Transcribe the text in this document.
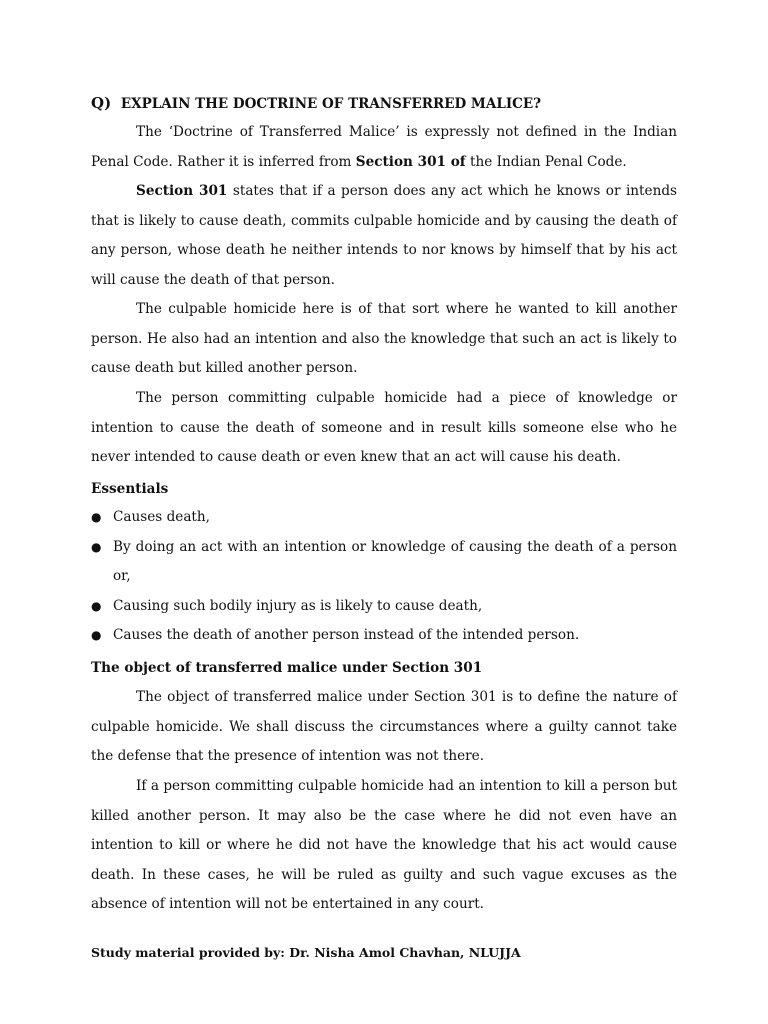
Q) EXPLAIN THE DOCTRINE OF TRANSFERRED MALICE?

The ‘Doctrine of Transferred Malice’ is expressly not defined in the Indian Penal Code. Rather it is inferred from Section 301 of the Indian Penal Code.

Section 301 states that if a person does any act which he knows or intends that is likely to cause death, commits culpable homicide and by causing the death of any person, whose death he neither intends to nor knows by himself that by his act will cause the death of that person.

The culpable homicide here is of that sort where he wanted to kill another person. He also had an intention and also the knowledge that such an act is likely to cause death but killed another person.

The person committing culpable homicide had a piece of knowledge or intention to cause the death of someone and in result kills someone else who he never intended to cause death or even knew that an act will cause his death.

Essentials
● Causes death,
● By doing an act with an intention or knowledge of causing the death of a person or,
● Causing such bodily injury as is likely to cause death,
● Causes the death of another person instead of the intended person.
The object of transferred malice under Section 301

The object of transferred malice under Section 301 is to define the nature of culpable homicide. We shall discuss the circumstances where a guilty cannot take the defense that the presence of intention was not there.

If a person committing culpable homicide had an intention to kill a person but killed another person. It may also be the case where he did not even have an intention to kill or where he did not have the knowledge that his act would cause death. In these cases, he will be ruled as guilty and such vague excuses as the absence of intention will not be entertained in any court.

Study material provided by: Dr. Nisha Amol Chavhan, NLUJJA
